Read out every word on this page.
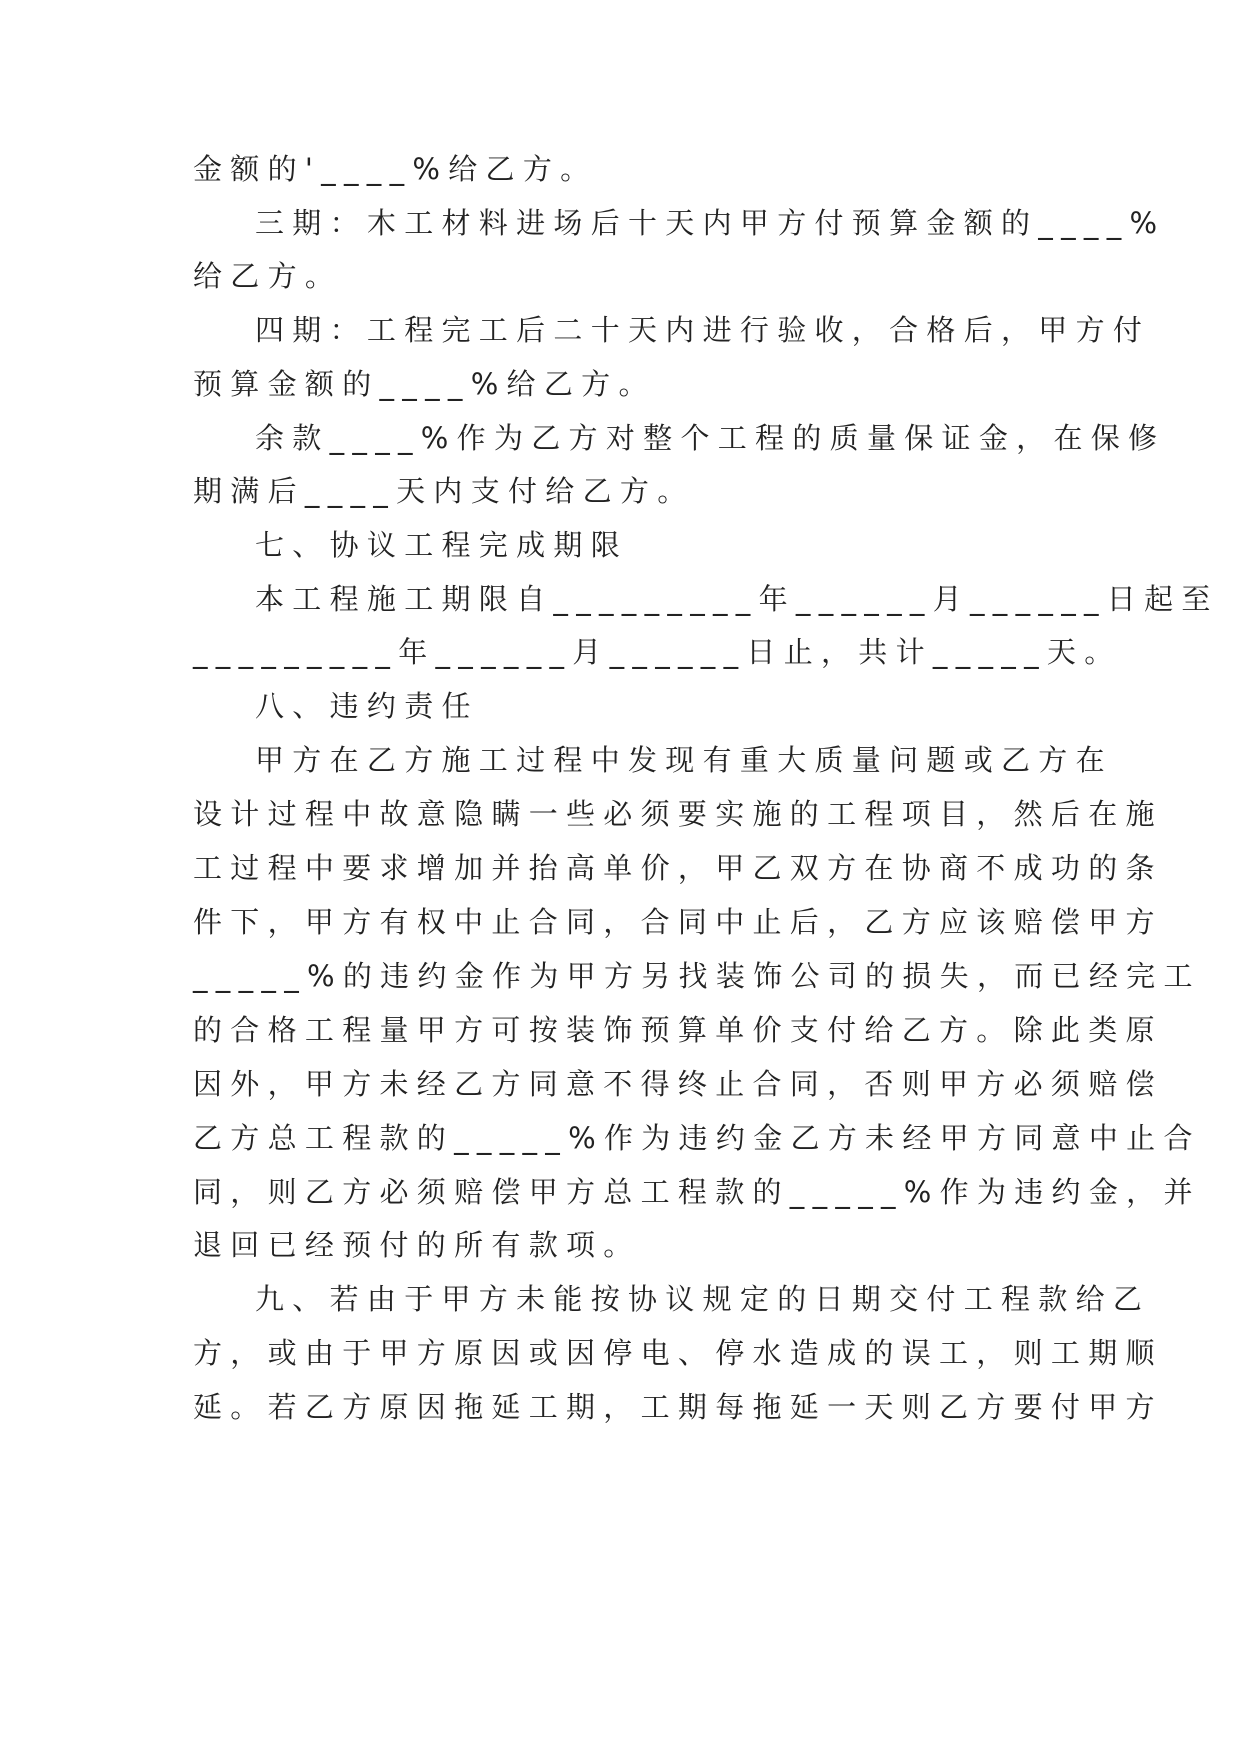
金额的'____%给乙方。
三期：木工材料进场后十天内甲方付预算金额的____%
给乙方。
四期：工程完工后二十天内进行验收，合格后，甲方付
预算金额的____%给乙方。
余款____%作为乙方对整个工程的质量保证金，在保修
期满后____天内支付给乙方。
七、协议工程完成期限
本工程施工期限自_________年______月______日起至
_________年______月______日止，共计_____天。
八、违约责任
甲方在乙方施工过程中发现有重大质量问题或乙方在
设计过程中故意隐瞒一些必须要实施的工程项目，然后在施
工过程中要求增加并抬高单价，甲乙双方在协商不成功的条
件下，甲方有权中止合同，合同中止后，乙方应该赔偿甲方
_____%的违约金作为甲方另找装饰公司的损失，而已经完工
的合格工程量甲方可按装饰预算单价支付给乙方。除此类原
因外，甲方未经乙方同意不得终止合同，否则甲方必须赔偿
乙方总工程款的_____%作为违约金乙方未经甲方同意中止合
同，则乙方必须赔偿甲方总工程款的_____%作为违约金，并
退回已经预付的所有款项。
九、若由于甲方未能按协议规定的日期交付工程款给乙
方，或由于甲方原因或因停电、停水造成的误工，则工期顺
延。若乙方原因拖延工期，工期每拖延一天则乙方要付甲方
